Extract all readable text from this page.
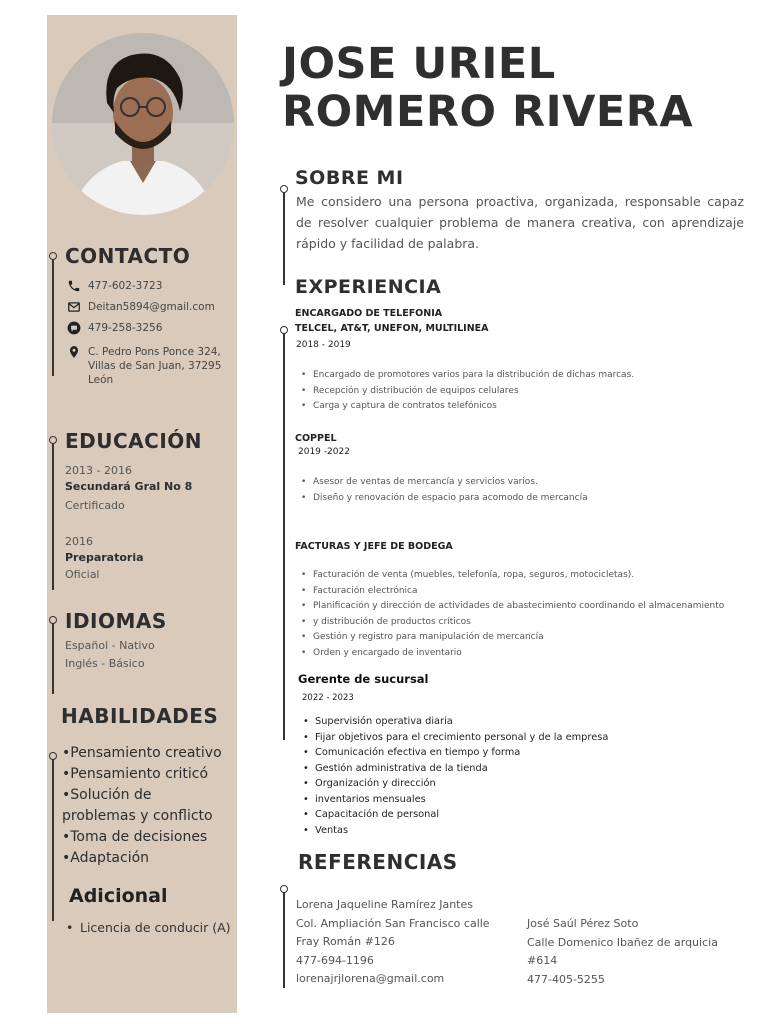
CONTACTO
477-602-3723
Deitan5894@gmail.com
479-258-3256
C. Pedro Pons Ponce 324,
Villas de San Juan, 37295
León
EDUCACIÓN
2013 - 2016
Secundará Gral No 8
Certificado
2016
Preparatoria
Oficial
IDIOMAS
Español - Nativo
Inglés - Básico
HABILIDADES
•Pensamiento creativo
•Pensamiento criticó
•Solución de
problemas y conflicto
•Toma de decisiones
•Adaptación
Adicional
• Licencia de conducir (A)
JOSE URIEL
ROMERO RIVERA
SOBRE MI
Me considero una persona proactiva, organizada, responsable capaz de resolver cualquier problema de manera creativa, con aprendizaje rápido y facilidad de palabra.
EXPERIENCIA
ENCARGADO DE TELEFONIA
TELCEL, AT&T, UNEFON, MULTILINEA
2018 - 2019
• Encargado de promotores varios para la distribución de dichas marcas.
• Recepción y distribución de equipos celulares
• Carga y captura de contratos telefónicos
COPPEL
2019 -2022
• Asesor de ventas de mercancía y servicios varios.
• Diseño y renovación de espacio para acomodo de mercancía
FACTURAS Y JEFE DE BODEGA
• Facturación de venta (muebles, telefonía, ropa, seguros, motocicletas).
• Facturación electrónica
• Planificación y dirección de actividades de abastecimiento coordinando el almacenamiento
• y distribución de productos críticos
• Gestión y registro para manipulación de mercancía
• Orden y encargado de inventario
Gerente de sucursal
2022 - 2023
• Supervisión operativa diaria
• Fijar objetivos para el crecimiento personal y de la empresa
• Comunicación efectiva en tiempo y forma
• Gestión administrativa de la tienda
• Organización y dirección
• inventarios mensuales
• Capacitación de personal
• Ventas
REFERENCIAS
Lorena Jaqueline Ramírez Jantes
Col. Ampliación San Francisco calle
Fray Román #126
477-694-1196
lorenajrjlorena@gmail.com
José Saúl Pérez Soto
Calle Domenico Ibañez de arquicia
#614
477-405-5255
